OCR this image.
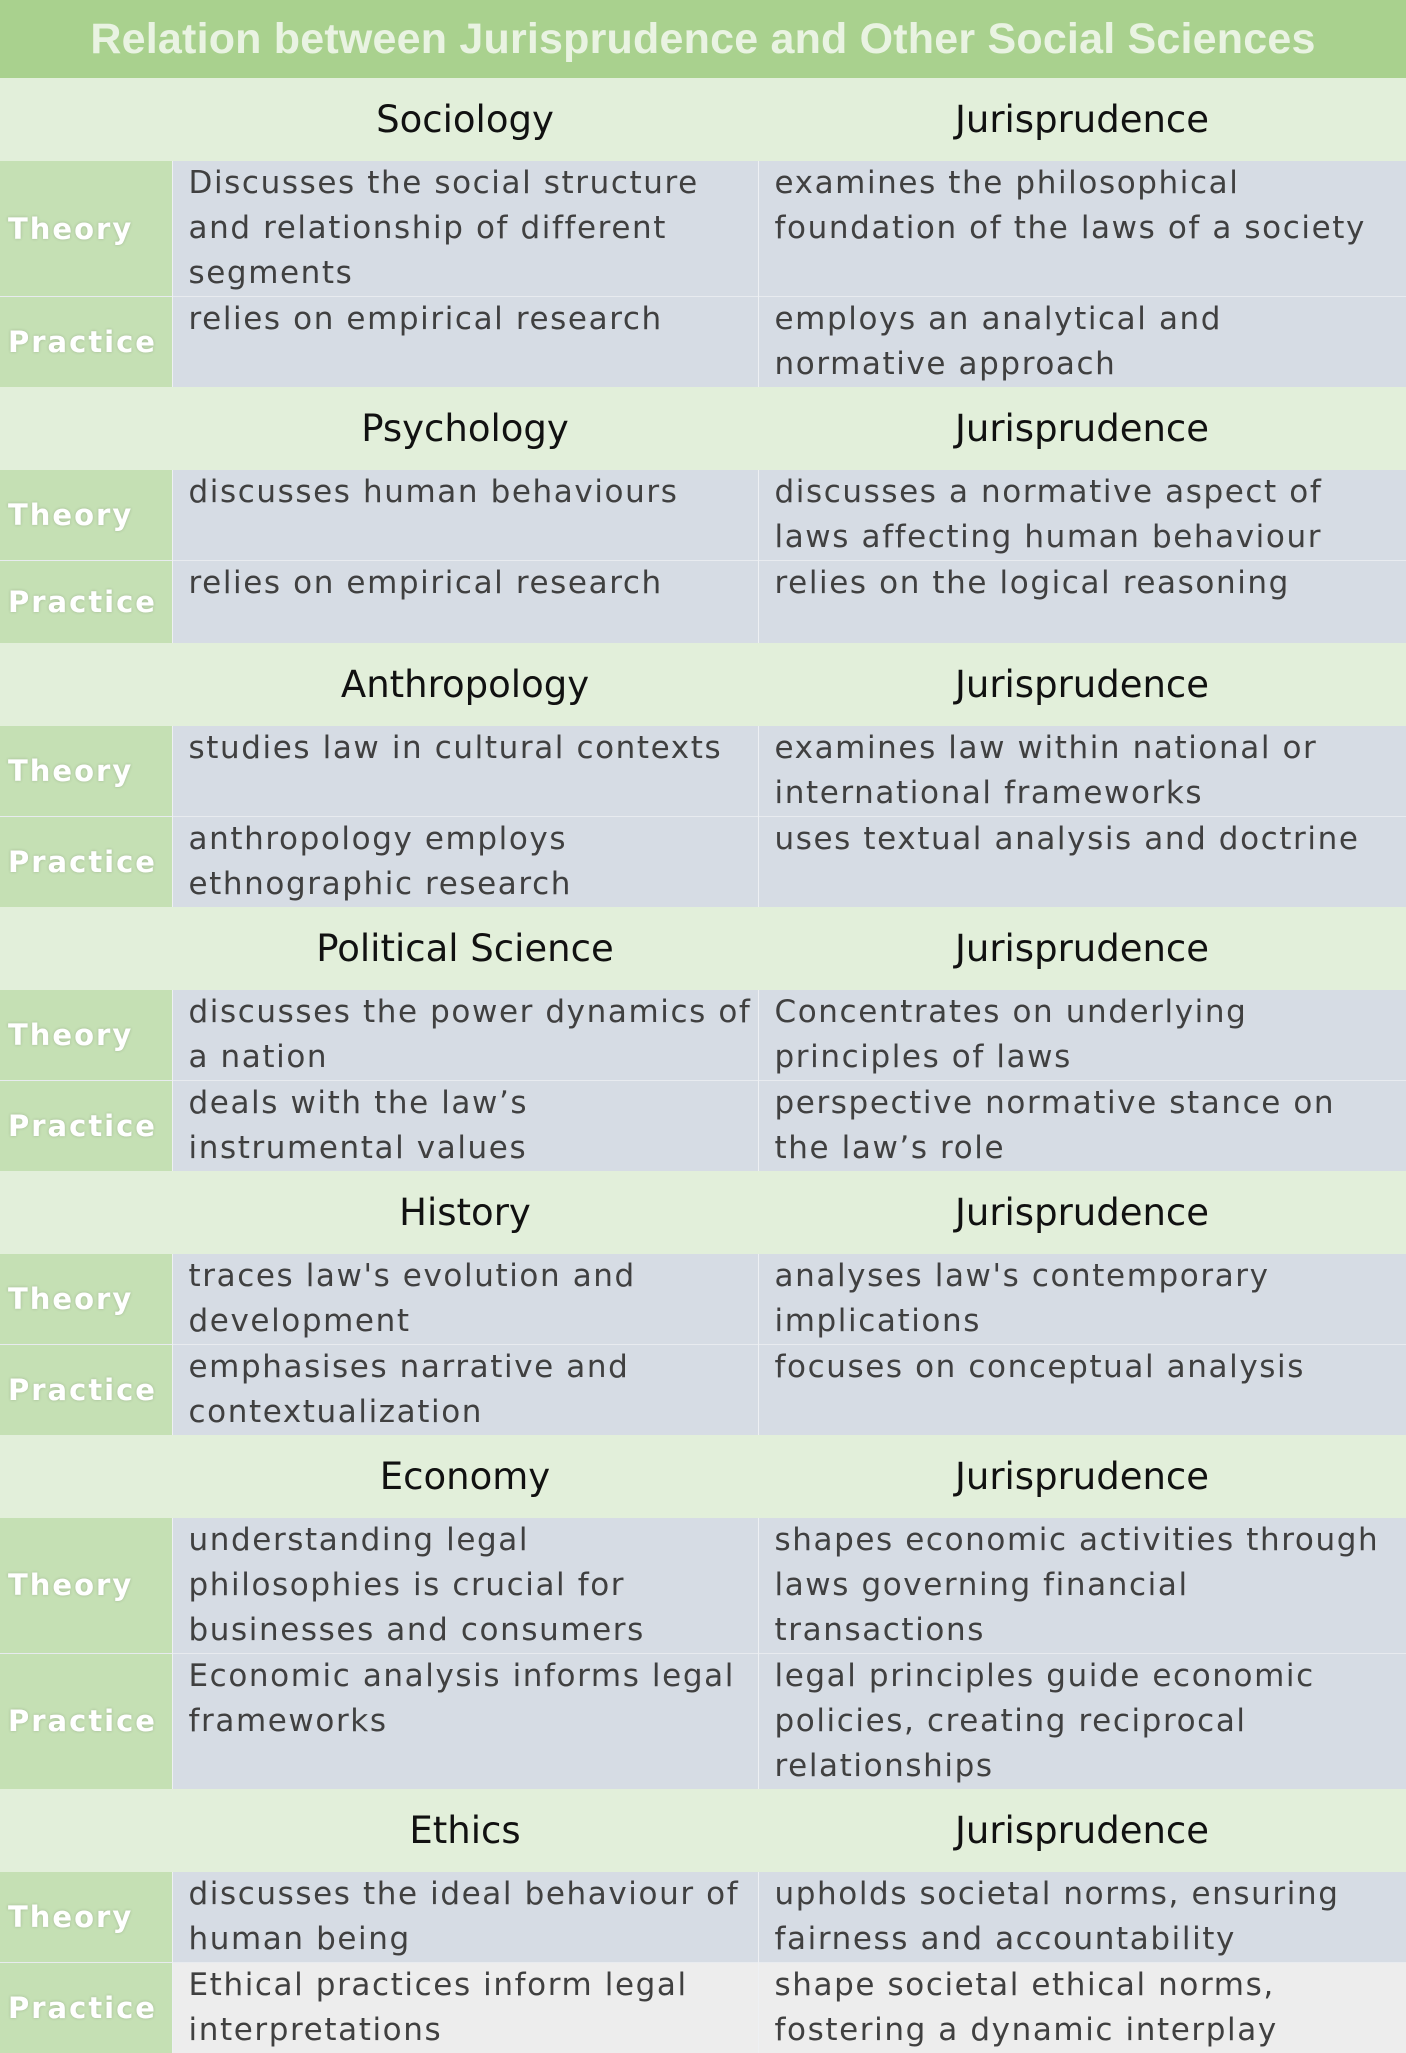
Relation between Jurisprudence and Other Social Sciences
	Sociology	Jurisprudence
Theory	Discusses the social structure and relationship of different segments	examines the philosophical foundation of the laws of a society
Practice	relies on empirical research	employs an analytical and normative approach
	Psychology	Jurisprudence
Theory	discusses human behaviours	discusses a normative aspect of laws affecting human behaviour
Practice	relies on empirical research	relies on the logical reasoning
	Anthropology	Jurisprudence
Theory	studies law in cultural contexts	examines law within national or international frameworks
Practice	anthropology employs ethnographic research	uses textual analysis and doctrine
	Political Science	Jurisprudence
Theory	discusses the power dynamics of a nation	Concentrates on underlying principles of laws
Practice	deals with the law’s instrumental values	perspective normative stance on the law’s role
	History	Jurisprudence
Theory	traces law's evolution and development	analyses law's contemporary implications
Practice	emphasises narrative and contextualization	focuses on conceptual analysis
	Economy	Jurisprudence
Theory	understanding legal philosophies is crucial for businesses and consumers	shapes economic activities through laws governing financial transactions
Practice	Economic analysis informs legal frameworks	legal principles guide economic policies, creating reciprocal relationships
	Ethics	Jurisprudence
Theory	discusses the ideal behaviour of human being	upholds societal norms, ensuring fairness and accountability
Practice	Ethical practices inform legal interpretations	shape societal ethical norms, fostering a dynamic interplay
